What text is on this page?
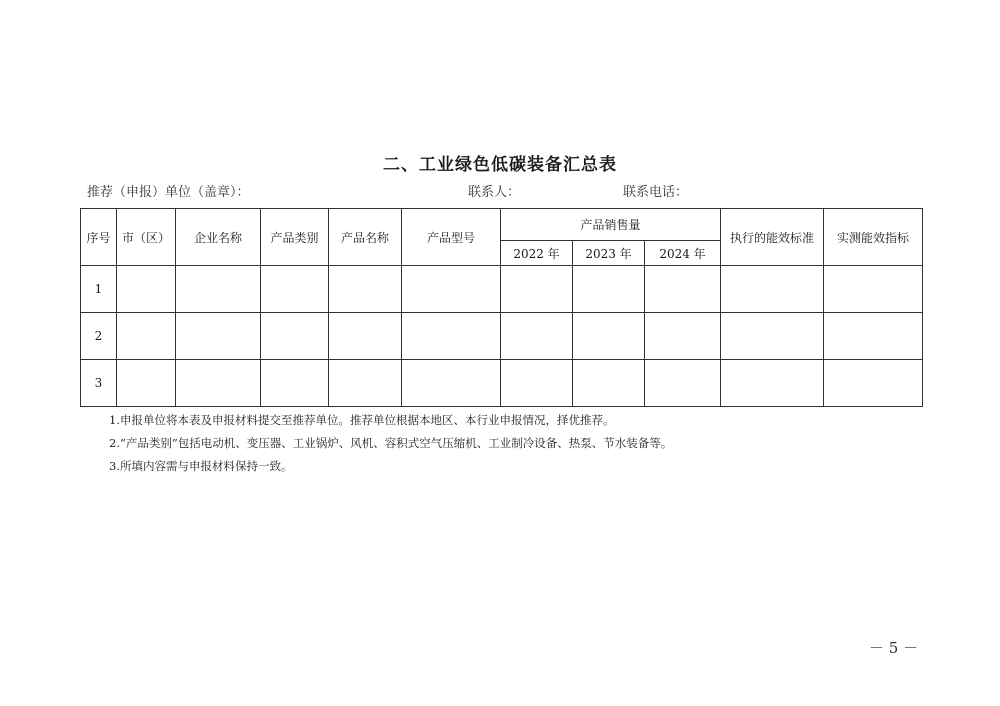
二、工业绿色低碳装备汇总表
推荐（申报）单位（盖章）：	联系人：	联系电话：
序号	市（区）	企业名称	产品类别	产品名称	产品型号	产品销售量			执行的能效标准	实测能效指标
						2022 年	2023 年	2024 年		
1										
2										
3										
1.申报单位将本表及申报材料提交至推荐单位。推荐单位根据本地区、本行业申报情况，择优推荐。
2.“产品类别”包括电动机、变压器、工业锅炉、风机、容积式空气压缩机、工业制冷设备、热泵、节水装备等。
3.所填内容需与申报材料保持一致。
－ 5 －
